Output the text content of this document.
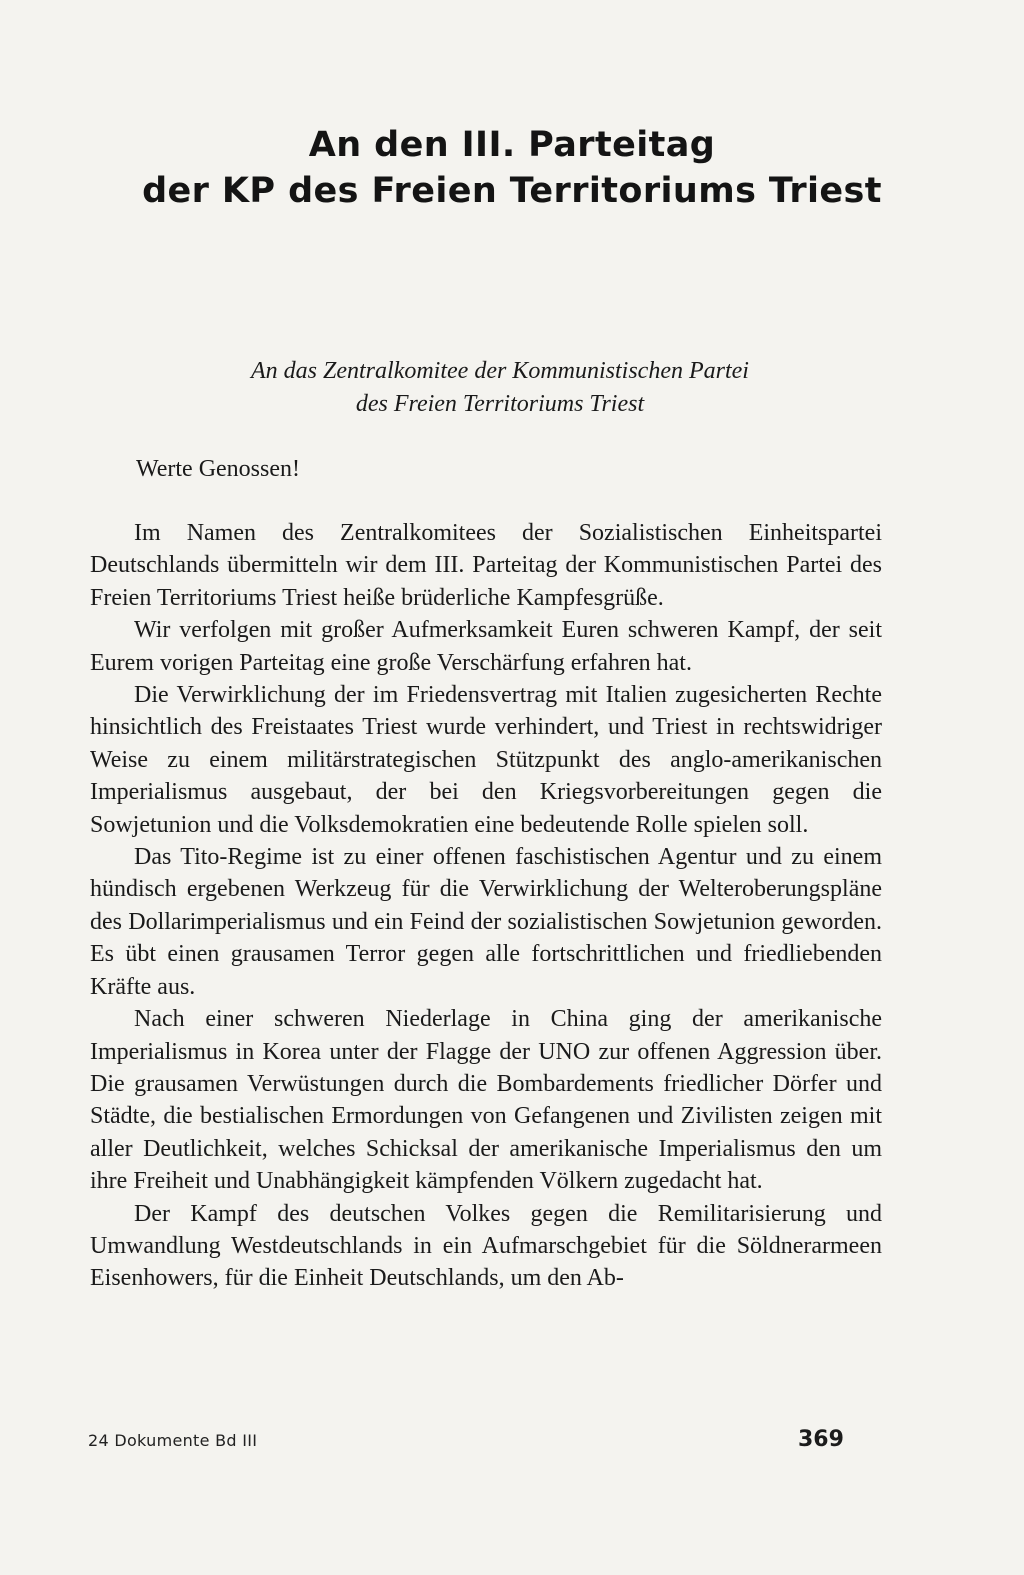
An den III. Parteitag
der KP des Freien Territoriums Triest
An das Zentralkomitee der Kommunistischen Partei
des Freien Territoriums Triest
Werte Genossen!

Im Namen des Zentralkomitees der Sozialistischen Einheitspartei Deutschlands übermitteln wir dem III. Parteitag der Kommunistischen Partei des Freien Territoriums Triest heiße brüderliche Kampfesgrüße.

Wir verfolgen mit großer Aufmerksamkeit Euren schweren Kampf, der seit Eurem vorigen Parteitag eine große Verschärfung erfahren hat.

Die Verwirklichung der im Friedensvertrag mit Italien zugesicherten Rechte hinsichtlich des Freistaates Triest wurde verhindert, und Triest in rechtswidriger Weise zu einem militärstrategischen Stützpunkt des anglo-amerikanischen Imperialismus ausgebaut, der bei den Kriegsvorbereitungen gegen die Sowjetunion und die Volksdemokratien eine bedeutende Rolle spielen soll.

Das Tito-Regime ist zu einer offenen faschistischen Agentur und zu einem hündisch ergebenen Werkzeug für die Verwirklichung der Welteroberungspläne des Dollarimperialismus und ein Feind der sozialistischen Sowjetunion geworden. Es übt einen grausamen Terror gegen alle fortschrittlichen und friedliebenden Kräfte aus.

Nach einer schweren Niederlage in China ging der amerikanische Imperialismus in Korea unter der Flagge der UNO zur offenen Aggression über. Die grausamen Verwüstungen durch die Bombardements friedlicher Dörfer und Städte, die bestialischen Ermordungen von Gefangenen und Zivilisten zeigen mit aller Deutlichkeit, welches Schicksal der amerikanische Imperialismus den um ihre Freiheit und Unabhängigkeit kämpfenden Völkern zugedacht hat.

Der Kampf des deutschen Volkes gegen die Remilitarisierung und Umwandlung Westdeutschlands in ein Aufmarschgebiet für die Söldnerarmeen Eisenhowers, für die Einheit Deutschlands, um den Ab-

24 Dokumente Bd III	369
